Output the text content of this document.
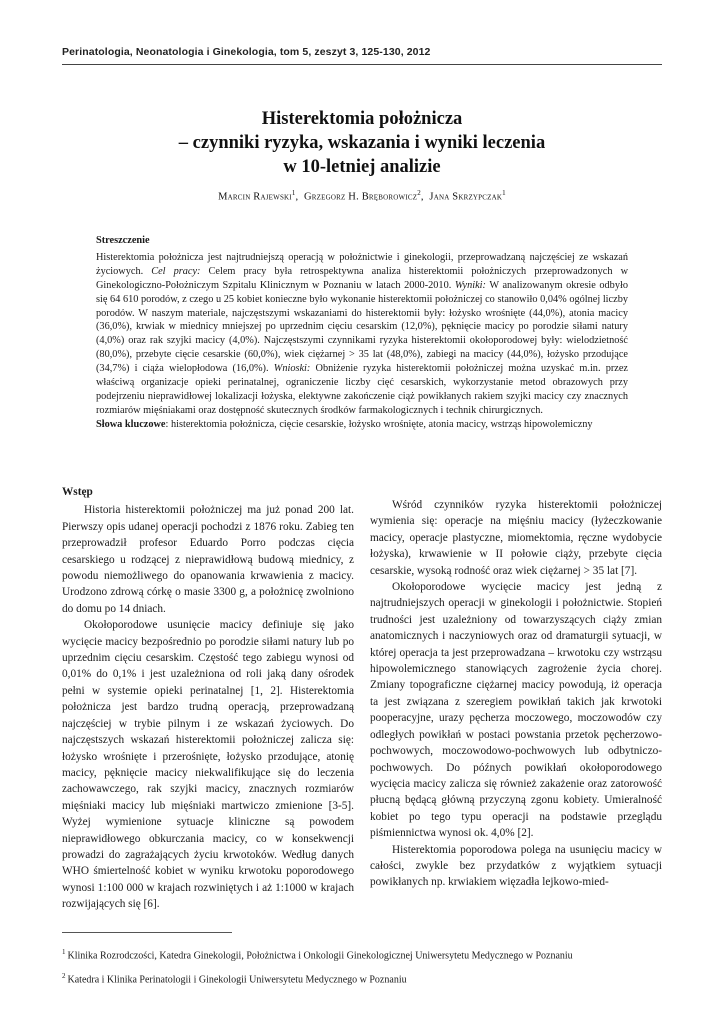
Perinatologia, Neonatologia i Ginekologia, tom 5, zeszyt 3, 125-130, 2012
Histerektomia położnicza
– czynniki ryzyka, wskazania i wyniki leczenia
w 10-letniej analizie
Marcin Rajewski$^1$,  Grzegorz H. Bręborowicz$^2$,  Jana Skrzypczak$^1$
Streszczenie

Histerektomia położnicza jest najtrudniejszą operacją w położnictwie i ginekologii, przeprowadzaną najczęściej ze wskazań życiowych. Cel pracy: Celem pracy była retrospektywna analiza histerektomii położniczych przeprowadzonych w Ginekologiczno-Położniczym Szpitalu Klinicznym w Poznaniu w latach 2000-2010. Wyniki: W analizowanym okresie odbyło się 64 610 porodów, z czego u 25 kobiet konieczne było wykonanie histerektomii położniczej co stanowiło 0,04% ogólnej liczby porodów. W naszym materiale, najczęstszymi wskazaniami do histerektomii były: łożysko wrośnięte (44,0%), atonia macicy (36,0%), krwiak w miednicy mniejszej po uprzednim cięciu cesarskim (12,0%), pęknięcie macicy po porodzie siłami natury (4,0%) oraz rak szyjki macicy (4,0%). Najczęstszymi czynnikami ryzyka histerektomii okołoporodowej były: wielodzietność (80,0%), przebyte cięcie cesarskie (60,0%), wiek ciężarnej > 35 lat (48,0%), zabiegi na macicy (44,0%), łożysko przodujące (34,7%) i ciąża wielopłodowa (16,0%). Wnioski: Obniżenie ryzyka histerektomii położniczej można uzyskać m.in. przez właściwą organizacje opieki perinatalnej, ograniczenie liczby cięć cesarskich, wykorzystanie metod obrazowych przy podejrzeniu nieprawidłowej lokalizacji łożyska, elektywne zakończenie ciąż powikłanych rakiem szyjki macicy czy znacznych rozmiarów mięśniakami oraz dostępność skutecznych środków farmakologicznych i technik chirurgicznych.

Słowa kluczowe: histerektomia położnicza, cięcie cesarskie, łożysko wrośnięte, atonia macicy, wstrząs hipowolemiczny

Wstęp

Historia histerektomii położniczej ma już ponad 200 lat. Pierwszy opis udanej operacji pochodzi z 1876 roku. Zabieg ten przeprowadził profesor Eduardo Porro podczas cięcia cesarskiego u rodzącej z nieprawidłową budową miednicy, z powodu niemożliwego do opanowania krwawienia z macicy. Urodzono zdrową córkę o masie 3300 g, a położnicę zwolniono do domu po 14 dniach.

Okołoporodowe usunięcie macicy definiuje się jako wycięcie macicy bezpośrednio po porodzie siłami natury lub po uprzednim cięciu cesarskim. Częstość tego zabiegu wynosi od 0,01% do 0,1% i jest uzależniona od roli jaką dany ośrodek pełni w systemie opieki perinatalnej [1, 2]. Histerektomia położnicza jest bardzo trudną operacją, przeprowadzaną najczęściej w trybie pilnym i ze wskazań życiowych. Do najczęstszych wskazań histerektomii położniczej zalicza się: łożysko wrośnięte i przerośnięte, łożysko przodujące, atonię macicy, pęknięcie macicy niekwalifikujące się do leczenia zachowawczego, rak szyjki macicy, znacznych rozmiarów mięśniaki macicy lub mięśniaki martwiczo zmienione [3-5]. Wyżej wymienione sytuacje kliniczne są powodem nieprawidłowego obkurczania macicy, co w konsekwencji prowadzi do zagrażających życiu krwotoków. Według danych WHO śmiertelność kobiet w wyniku krwotoku poporodowego wynosi 1:100 000 w krajach rozwiniętych i aż 1:1000 w krajach rozwijających się [6].

Wśród czynników ryzyka histerektomii położniczej wymienia się: operacje na mięśniu macicy (łyżeczkowanie macicy, operacje plastyczne, miomektomia, ręczne wydobycie łożyska), krwawienie w II połowie ciąży, przebyte cięcia cesarskie, wysoką rodność oraz wiek ciężarnej > 35 lat [7].

Okołoporodowe wycięcie macicy jest jedną z najtrudniejszych operacji w ginekologii i położnictwie. Stopień trudności jest uzależniony od towarzyszących ciąży zmian anatomicznych i naczyniowych oraz od dramaturgii sytuacji, w której operacja ta jest przeprowadzana – krwotoku czy wstrząsu hipowolemicznego stanowiących zagrożenie życia chorej. Zmiany topograficzne ciężarnej macicy powodują, iż operacja ta jest związana z szeregiem powikłań takich jak krwotoki pooperacyjne, urazy pęcherza moczowego, moczowodów czy odległych powikłań w postaci powstania przetok pęcherzowo-pochwowych, moczowodowo-pochwowych lub odbytniczo-pochwowych. Do późnych powikłań okołoporodowego wycięcia macicy zalicza się również zakażenie oraz zatorowość płucną będącą główną przyczyną zgonu kobiety. Umieralność kobiet po tego typu operacji na podstawie przeglądu piśmiennictwa wynosi ok. 4,0% [2].

Histerektomia poporodowa polega na usunięciu macicy w całości, zwykle bez przydatków z wyjątkiem sytuacji powikłanych np. krwiakiem więzadła lejkowo-mied-

$^1$ Klinika Rozrodczości, Katedra Ginekologii, Położnictwa i Onkologii Ginekologicznej Uniwersytetu Medycznego w Poznaniu
$^2$ Katedra i Klinika Perinatologii i Ginekologii Uniwersytetu Medycznego w Poznaniu
